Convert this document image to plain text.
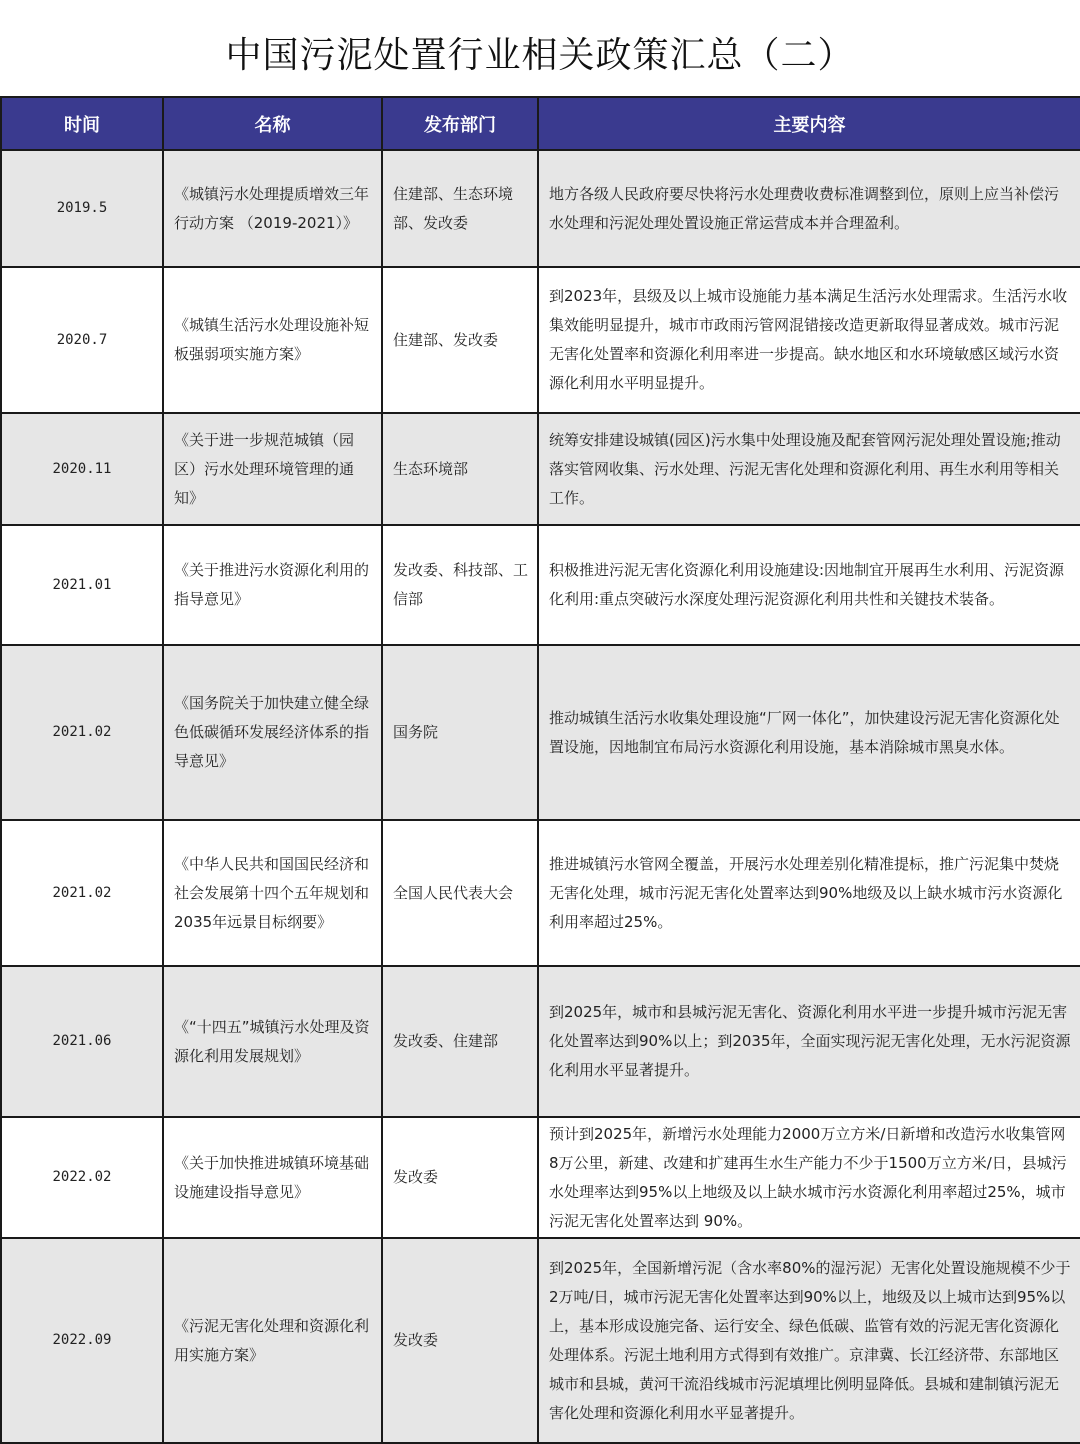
中国污泥处置行业相关政策汇总（二）
时间	名称	发布部门	主要内容
2019.5	《城镇污水处理提质增效三年行动方案 （2019-2021）》	住建部、生态环境部、发改委	地方各级人民政府要尽快将污水处理费收费标准调整到位，原则上应当补偿污水处理和污泥处理处置设施正常运营成本并合理盈利。
2020.7	《城镇生活污水处理设施补短板强弱项实施方案》	住建部、发改委	到2023年，县级及以上城市设施能力基本满足生活污水处理需求。生活污水收集效能明显提升，城市市政雨污管网混错接改造更新取得显著成效。城市污泥无害化处置率和资源化利用率进一步提高。缺水地区和水环境敏感区域污水资源化利用水平明显提升。
2020.11	《关于进一步规范城镇（园区）污水处理环境管理的通知》	生态环境部	统筹安排建设城镇(园区)污水集中处理设施及配套管网污泥处理处置设施;推动落实管网收集、污水处理、污泥无害化处理和资源化利用、再生水利用等相关工作。
2021.01	《关于推进污水资源化利用的指导意见》	发改委、科技部、工信部	积极推进污泥无害化资源化利用设施建设:因地制宜开展再生水利用、污泥资源化利用:重点突破污水深度处理污泥资源化利用共性和关键技术装备。
2021.02	《国务院关于加快建立健全绿色低碳循环发展经济体系的指导意见》	国务院	推动城镇生活污水收集处理设施“厂网一体化”，加快建设污泥无害化资源化处置设施，因地制宜布局污水资源化利用设施，基本消除城市黑臭水体。
2021.02	《中华人民共和国国民经济和社会发展第十四个五年规划和2035年远景目标纲要》	全国人民代表大会	推进城镇污水管网全覆盖，开展污水处理差别化精准提标，推广污泥集中焚烧无害化处理，城市污泥无害化处置率达到90%地级及以上缺水城市污水资源化利用率超过25%。
2021.06	《“十四五”城镇污水处理及资源化利用发展规划》	发改委、住建部	到2025年，城市和县城污泥无害化、资源化利用水平进一步提升城市污泥无害化处置率达到90%以上；到2035年，全面实现污泥无害化处理，无水污泥资源化利用水平显著提升。
2022.02	《关于加快推进城镇环境基础设施建设指导意见》	发改委	预计到2025年，新增污水处理能力2000万立方米/日新增和改造污水收集管网8万公里，新建、改建和扩建再生水生产能力不少于1500万立方米/日，县城污水处理率达到95%以上地级及以上缺水城市污水资源化利用率超过25%，城市污泥无害化处置率达到 90%。
2022.09	《污泥无害化处理和资源化利用实施方案》	发改委	到2025年，全国新增污泥（含水率80%的湿污泥）无害化处置设施规模不少于2万吨/日，城市污泥无害化处置率达到90%以上，地级及以上城市达到95%以上，基本形成设施完备、运行安全、绿色低碳、监管有效的污泥无害化资源化处理体系。污泥土地利用方式得到有效推广。京津冀、长江经济带、东部地区城市和县城，黄河干流沿线城市污泥填埋比例明显降低。县城和建制镇污泥无害化处理和资源化利用水平显著提升。
